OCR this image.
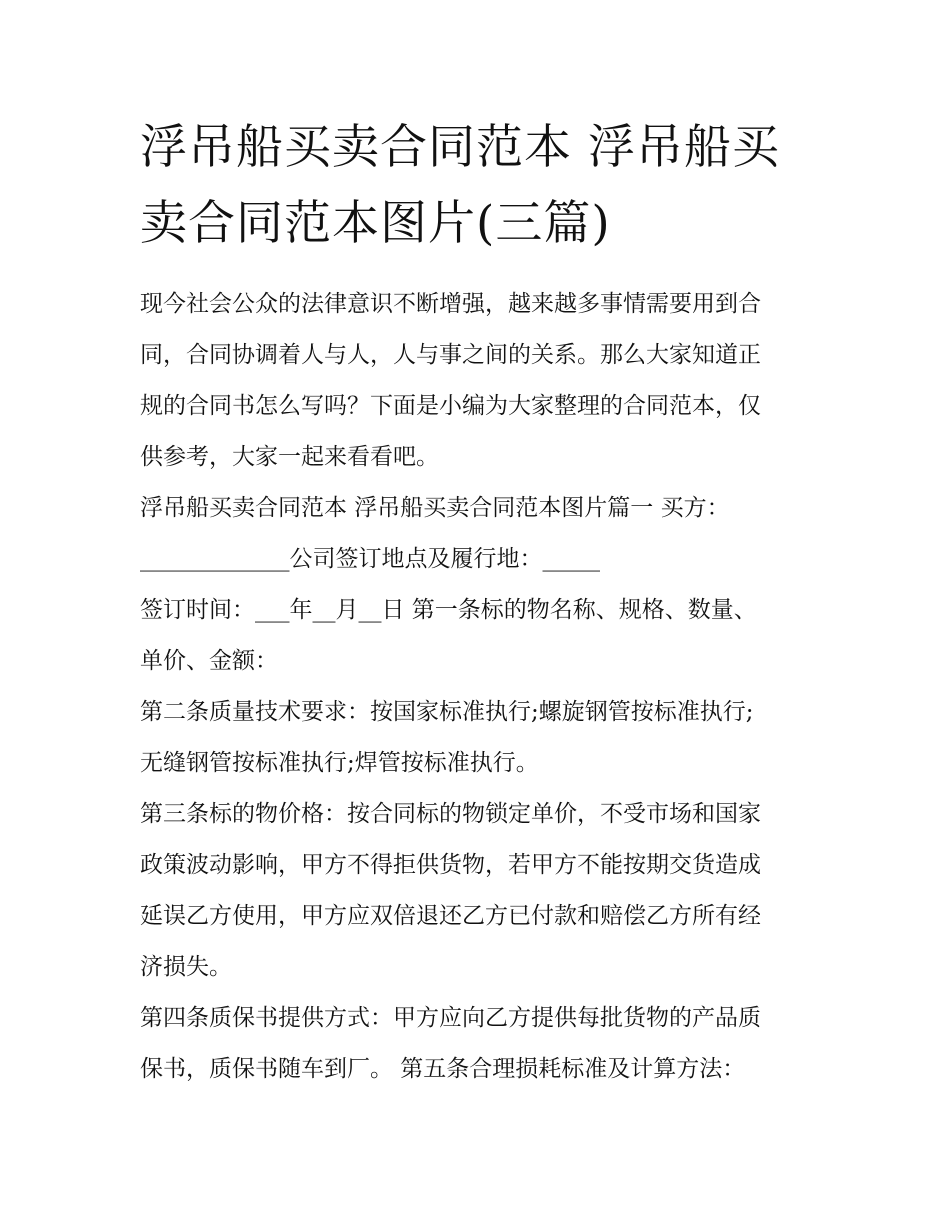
浮吊船买卖合同范本 浮吊船买
卖合同范本图片(三篇)
现今社会公众的法律意识不断增强，越来越多事情需要用到合
同，合同协调着人与人，人与事之间的关系。那么大家知道正
规的合同书怎么写吗？下面是小编为大家整理的合同范本，仅
供参考，大家一起来看看吧。
浮吊船买卖合同范本 浮吊船买卖合同范本图片篇一 买方：
_____________公司签订地点及履行地：_____
签订时间：___年__月__日 第一条标的物名称、规格、数量、
单价、金额：
第二条质量技术要求：按国家标准执行;螺旋钢管按标准执行;
无缝钢管按标准执行;焊管按标准执行。
第三条标的物价格：按合同标的物锁定单价，不受市场和国家
政策波动影响，甲方不得拒供货物，若甲方不能按期交货造成
延误乙方使用，甲方应双倍退还乙方已付款和赔偿乙方所有经
济损失。
第四条质保书提供方式：甲方应向乙方提供每批货物的产品质
保书，质保书随车到厂。 第五条合理损耗标准及计算方法：
